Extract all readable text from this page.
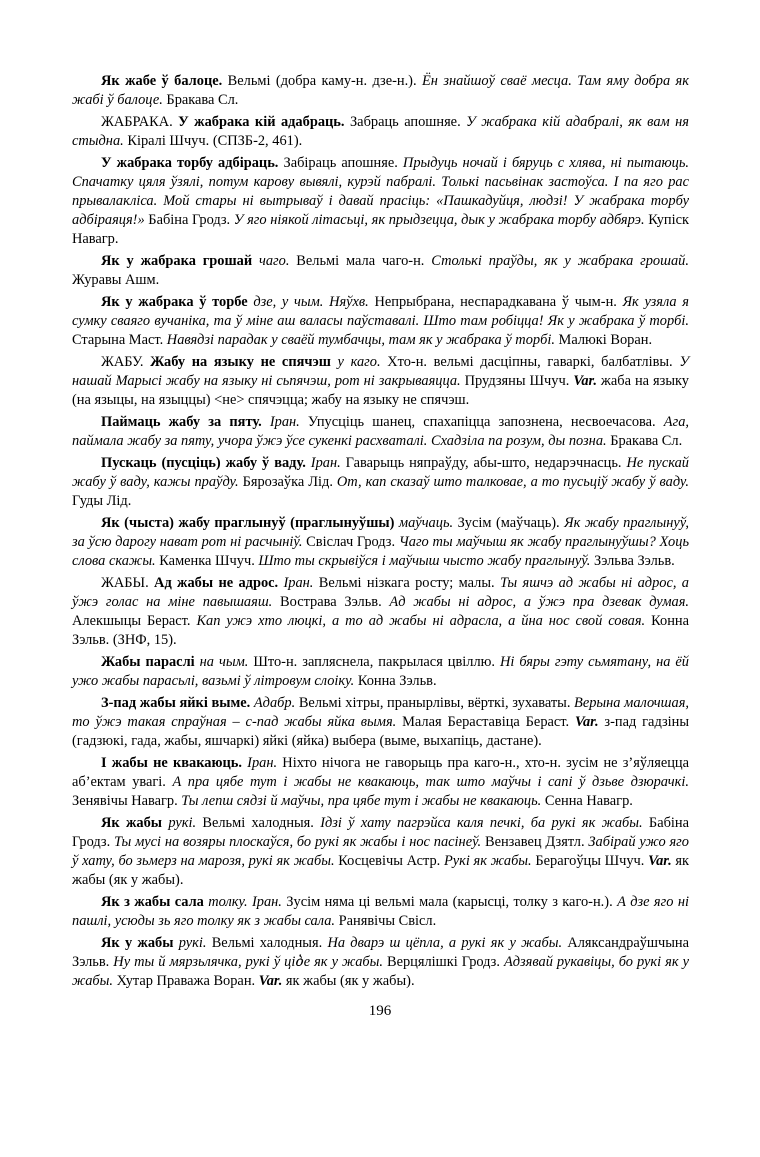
Як жабе ў балоце. Вельмі (добра каму-н. дзе-н.). Ён знайшоў сваё месца. Там яму добра як жабі ў балоце. Бракава Сл.

ЖАБРАКА. У жабрака кій адабраць. Забраць апошняе. У жабрака кій адабралі, як вам ня стыдна. Кіралі Шчуч. (СПЗБ-2, 461).

У жабрака торбу адбіраць. Забіраць апошняе. Прыдуць ночай і бяруць с хлява, ні пытаюць. Спачатку цяля ўзялі, потум карову вывялі, курэй пабралі. Толькі пасьвінак застоўса. І па яго рас прывалакліса. Мой стары ні вытрываў і давай прасіць: «Пашкадуйця, людзі! У жабрака торбу адбіраяця!» Бабіна Гродз. У яго ніякой літасьці, як прыдзецца, дык у жабрака торбу адбярэ. Купіск Навагр.

Як у жабрака грошай чаго. Вельмі мала чаго-н. Столькі праўды, як у жабрака грошай. Журавы Ашм.

Як у жабрака ў торбе дзе, у чым. Няўхв. Непрыбрана, неспарадкавана ў чым-н. Як узяла я сумку сваяго вучаніка, та ў міне аш валасы паўставалі. Што там робіцца! Як у жабрака ў торбі. Старына Маст. Навядзі парадак у сваёй тумбачцы, там як у жабрака ў торбі. Малюкі Воран.

ЖАБУ. Жабу на языку не спячэш у каго. Хто-н. вельмі дасціпны, гаваркі, балбатлівы. У нашай Марысі жабу на языку ні сьпячэш, рот ні закрываяцца. Прудзяны Шчуч. Var. жаба на языку (на языцы, на языццы) <не> спячэцца; жабу на языку не спячэш.

Паймаць жабу за пяту. Іран. Упусціць шанец, спахапіцца запознена, несвоечасова. Ага, паймала жабу за пяту, учора ўжэ ўсе сукенкі расхваталі. Схадзіла па розум, ды позна. Бракава Сл.

Пускаць (пусціць) жабу ў ваду. Іран. Гаварыць няпраўду, абы-што, недарэчнасць. Не пускай жабу ў ваду, кажы праўду. Бярозаўка Лід. От, кап сказаў што талковае, а то пусьціў жабу ў ваду. Гуды Лід.

Як (чыста) жабу праглынуў (праглынуўшы) маўчаць. Зусім (маўчаць). Як жабу праглынуў, за ўсю дарогу нават рот ні расчыніў. Свіслач Гродз. Чаго ты маўчыш як жабу праглынуўшы? Хоць слова скажы. Каменка Шчуч. Што ты скрывіўся і маўчыш чысто жабу праглынуў. Зэльва Зэльв.

ЖАБЫ. Ад жабы не адрос. Іран. Вельмі нізкага росту; малы. Ты яшчэ ад жабы ні адрос, а ўжэ голас на міне павышаяш. Вострава Зэльв. Ад жабы ні адрос, а ўжэ пра дзевак думая. Алекшыцы Бераст. Кап ужэ хто люцкі, а то ад жабы ні адрасла, а йна нос свой совая. Конна Зэльв. (ЗНФ, 15).

Жабы параслі на чым. Што-н. запляснела, пакрылася цвіллю. Ні бяры гэту сьмятану, на ёй ужо жабы парасьлі, вазьмі ў літровум слоіку. Конна Зэльв.

З-пад жабы яйкі выме. Адабр. Вельмі хітры, пранырлівы, вёрткі, зухаваты. Верына малочшая, то ўжэ такая спраўная – с-пад жабы яйка вымя. Малая Бераставіца Бераст. Var. з-пад гадзіны (гадзюкі, гада, жабы, яшчаркі) яйкі (яйка) выбера (выме, выхапіць, дастане).

І жабы не квакаюць. Іран. Ніхто нічога не гаворыць пра каго-н., хто-н. зусім не з’яўляецца аб’ектам увагі. А пра цябе тут і жабы не квакаюць, так што маўчы і сапі ў дзьве дзюрачкі. Зенявічы Навагр. Ты лепш сядзі й маўчы, пра цябе тут і жабы не квакаюць. Сенна Навагр.

Як жабы рукі. Вельмі халодныя. Ідзі ў хату пагрэйса каля печкі, ба рукі як жабы. Бабіна Гродз. Ты мусі на возяры плоскаўся, бо рукі як жабы і нос пасінеў. Вензавец Дзятл. Забірай ужо яго ў хату, бо зьмерз на марозя, рукі як жабы. Косцевічы Астр. Рукі як жабы. Берагоўцы Шчуч. Var. як жабы (як у жабы).

Як з жабы сала толку. Іран. Зусім няма ці вельмі мала (карысці, толку з каго-н.). А дзе яго ні пашлі, усюды зь яго толку як з жабы сала. Ранявічы Свісл.

Як у жабы рукі. Вельмі халодныя. На дварэ ш цёпла, а рукі як у жабы. Аляксандраўшчына Зэльв. Ну ты й мярзьлячка, рукі ў ціბе як у жабы. Верцялішкі Гродз. Адзявай рукавіцы, бо рукі як у жабы. Хутар Праважа Воран. Var. як жабы (як у жабы).

196
